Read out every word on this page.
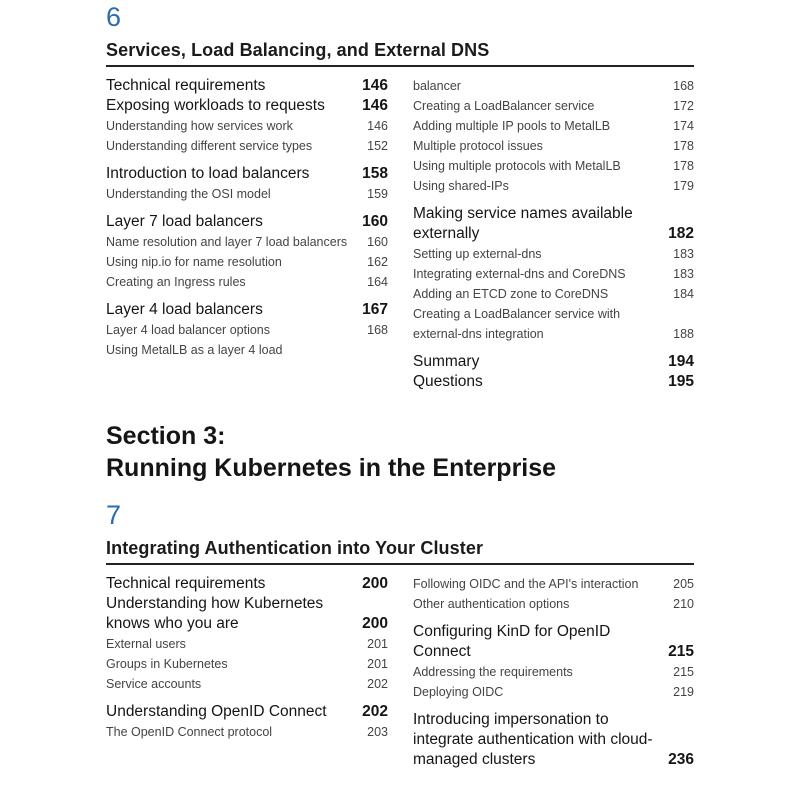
6
Services, Load Balancing, and External DNS
Technical requirements	146
Exposing workloads to requests	146
Understanding how services work	146
Understanding different service types	152
Introduction to load balancers	158
Understanding the OSI model	159
Layer 7 load balancers	160
Name resolution and layer 7 load balancers	160
Using nip.io for name resolution	162
Creating an Ingress rules	164
Layer 4 load balancers	167
Layer 4 load balancer options	168
Using MetalLB as a layer 4 load
balancer	168
Creating a LoadBalancer service	172
Adding multiple IP pools to MetalLB	174
Multiple protocol issues	178
Using multiple protocols with MetalLB	178
Using shared-IPs	179
Making service names available externally	182
Setting up external-dns	183
Integrating external-dns and CoreDNS	183
Adding an ETCD zone to CoreDNS	184
Creating a LoadBalancer service with external-dns integration	188
Summary	194
Questions	195
Section 3:
Running Kubernetes in the Enterprise
7
Integrating Authentication into Your Cluster
Technical requirements	200
Understanding how Kubernetes knows who you are	200
External users	201
Groups in Kubernetes	201
Service accounts	202
Understanding OpenID Connect	202
The OpenID Connect protocol	203
Following OIDC and the API's interaction	205
Other authentication options	210
Configuring KinD for OpenID Connect	215
Addressing the requirements	215
Deploying OIDC	219
Introducing impersonation to integrate authentication with cloud-managed clusters	236
